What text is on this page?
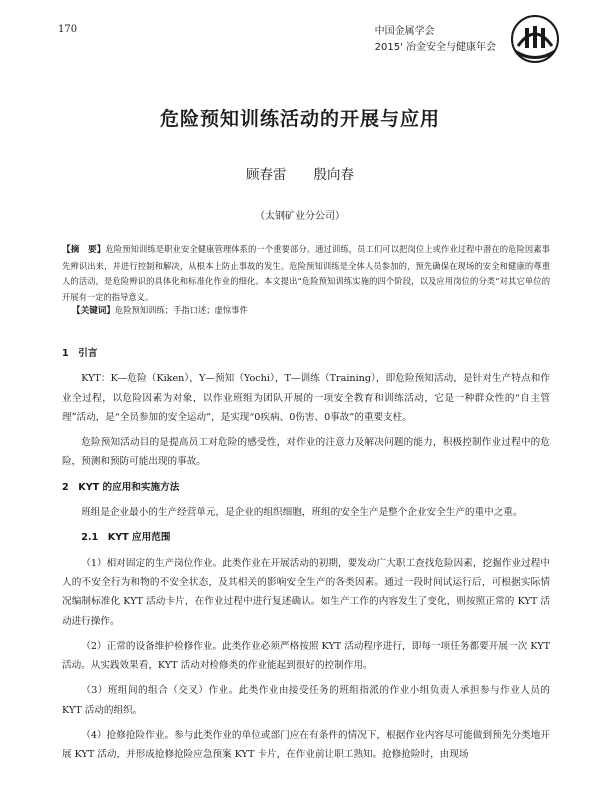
170	中国金属学会
2015' 冶金安全与健康年会
危险预知训练活动的开展与应用
顾春雷　　殷向春
（太钢矿业分公司）
【摘　要】危险预知训练是职业安全健康管理体系的一个重要部分。通过训练，员工们可以把岗位上或作业过程中潜在的危险因素事先辨识出来，并进行控制和解决，从根本上防止事故的发生。危险预知训练是全体人员参加的，预先确保在现场的安全和健康的尊重人的活动，是危险辨识的具体化和标准化作业的细化。本文提出“危险预知训练实施的四个阶段，以及应用岗位的分类”对其它单位的开展有一定的指导意义。
【关键词】危险预知训练；手指口述；虚惊事件
1　引言

KYT：K—危险（Kiken），Y—预知（Yochi），T—训练（Training），即危险预知活动，是针对生产特点和作业全过程，以危险因素为对象，以作业班组为团队开展的一项安全教育和训练活动，它是一种群众性的“自主管理”活动，是“全员参加的安全运动”，是实现“0疾病、0伤害、0事故”的重要支柱。

危险预知活动目的是提高员工对危险的感受性，对作业的注意力及解决问题的能力，积极控制作业过程中的危险，预测和预防可能出现的事故。

2　KYT 的应用和实施方法

班组是企业最小的生产经营单元，是企业的组织细胞，班组的安全生产是整个企业安全生产的重中之重。

2.1　KYT 应用范围

（1）相对固定的生产岗位作业。此类作业在开展活动的初期，要发动广大职工查找危险因素，挖掘作业过程中人的不安全行为和物的不安全状态，及其相关的影响安全生产的各类因素。通过一段时间试运行后，可根据实际情况编制标准化 KYT 活动卡片，在作业过程中进行复述确认。如生产工作的内容发生了变化，则按照正常的 KYT 活动进行操作。

（2）正常的设备维护检修作业。此类作业必须严格按照 KYT 活动程序进行，即每一项任务都要开展一次 KYT 活动。从实践效果看，KYT 活动对检修类的作业能起到很好的控制作用。

（3）班组间的组合（交叉）作业。此类作业由接受任务的班组指派的作业小组负责人承担参与作业人员的 KYT 活动的组织。

（4）抢修抢险作业。参与此类作业的单位或部门应在有条件的情况下，根据作业内容尽可能做到预先分类地开展 KYT 活动，并形成抢修抢险应急预案 KYT 卡片，在作业前让职工熟知。抢修抢险时，由现场
